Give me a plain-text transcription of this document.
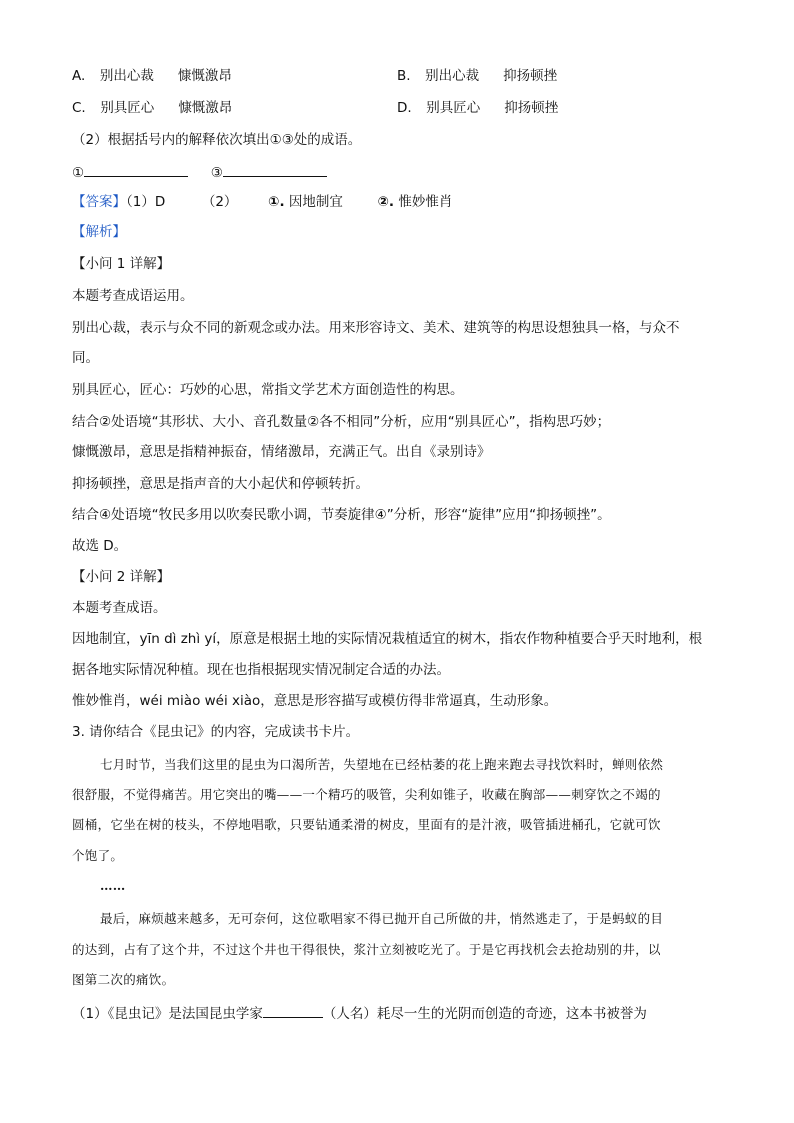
A. 别出心裁 慷慨激昂	B. 别出心裁 抑扬顿挫
C. 别具匠心 慷慨激昂	D. 别具匠心 抑扬顿挫
（2）根据括号内的解释依次填出①③处的成语。
①	③
【答案】（1）D	（2） ①. 因地制宜	②. 惟妙惟肖
【解析】
【小问 1 详解】
本题考查成语运用。
别出心裁，表示与众不同的新观念或办法。用来形容诗文、美术、建筑等的构思设想独具一格，与众不
同。
别具匠心，匠心：巧妙的心思，常指文学艺术方面创造性的构思。
结合②处语境“其形状、大小、音孔数量②各不相同”分析，应用“别具匠心”，指构思巧妙；
慷慨激昂，意思是指精神振奋，情绪激昂，充满正气。出自《录别诗》
抑扬顿挫，意思是指声音的大小起伏和停顿转折。
结合④处语境“牧民多用以吹奏民歌小调，节奏旋律④”分析，形容“旋律”应用“抑扬顿挫”。
故选 D。
【小问 2 详解】
本题考查成语。
因地制宜，yīn dì zhì yí，原意是根据土地的实际情况栽植适宜的树木，指农作物种植要合乎天时地利，根
据各地实际情况种植。现在也指根据现实情况制定合适的办法。
惟妙惟肖，wéi miào wéi xiào，意思是形容描写或模仿得非常逼真，生动形象。
3. 请你结合《昆虫记》的内容，完成读书卡片。
七月时节，当我们这里的昆虫为口渴所苦，失望地在已经枯萎的花上跑来跑去寻找饮料时，蝉则依然
很舒服，不觉得痛苦。用它突出的嘴——一个精巧的吸管，尖利如锥子，收藏在胸部——刺穿饮之不竭的
圆桶，它坐在树的枝头，不停地唱歌，只要钻通柔滑的树皮，里面有的是汁液，吸管插进桶孔，它就可饮
个饱了。
……
最后，麻烦越来越多，无可奈何，这位歌唱家不得已抛开自己所做的井，悄然逃走了，于是蚂蚁的目
的达到，占有了这个井，不过这个井也干得很快，浆汁立刻被吃光了。于是它再找机会去抢劫别的井，以
图第二次的痛饮。
（1）《昆虫记》是法国昆虫学家	（人名）耗尽一生的光阴而创造的奇迹，这本书被誉为
